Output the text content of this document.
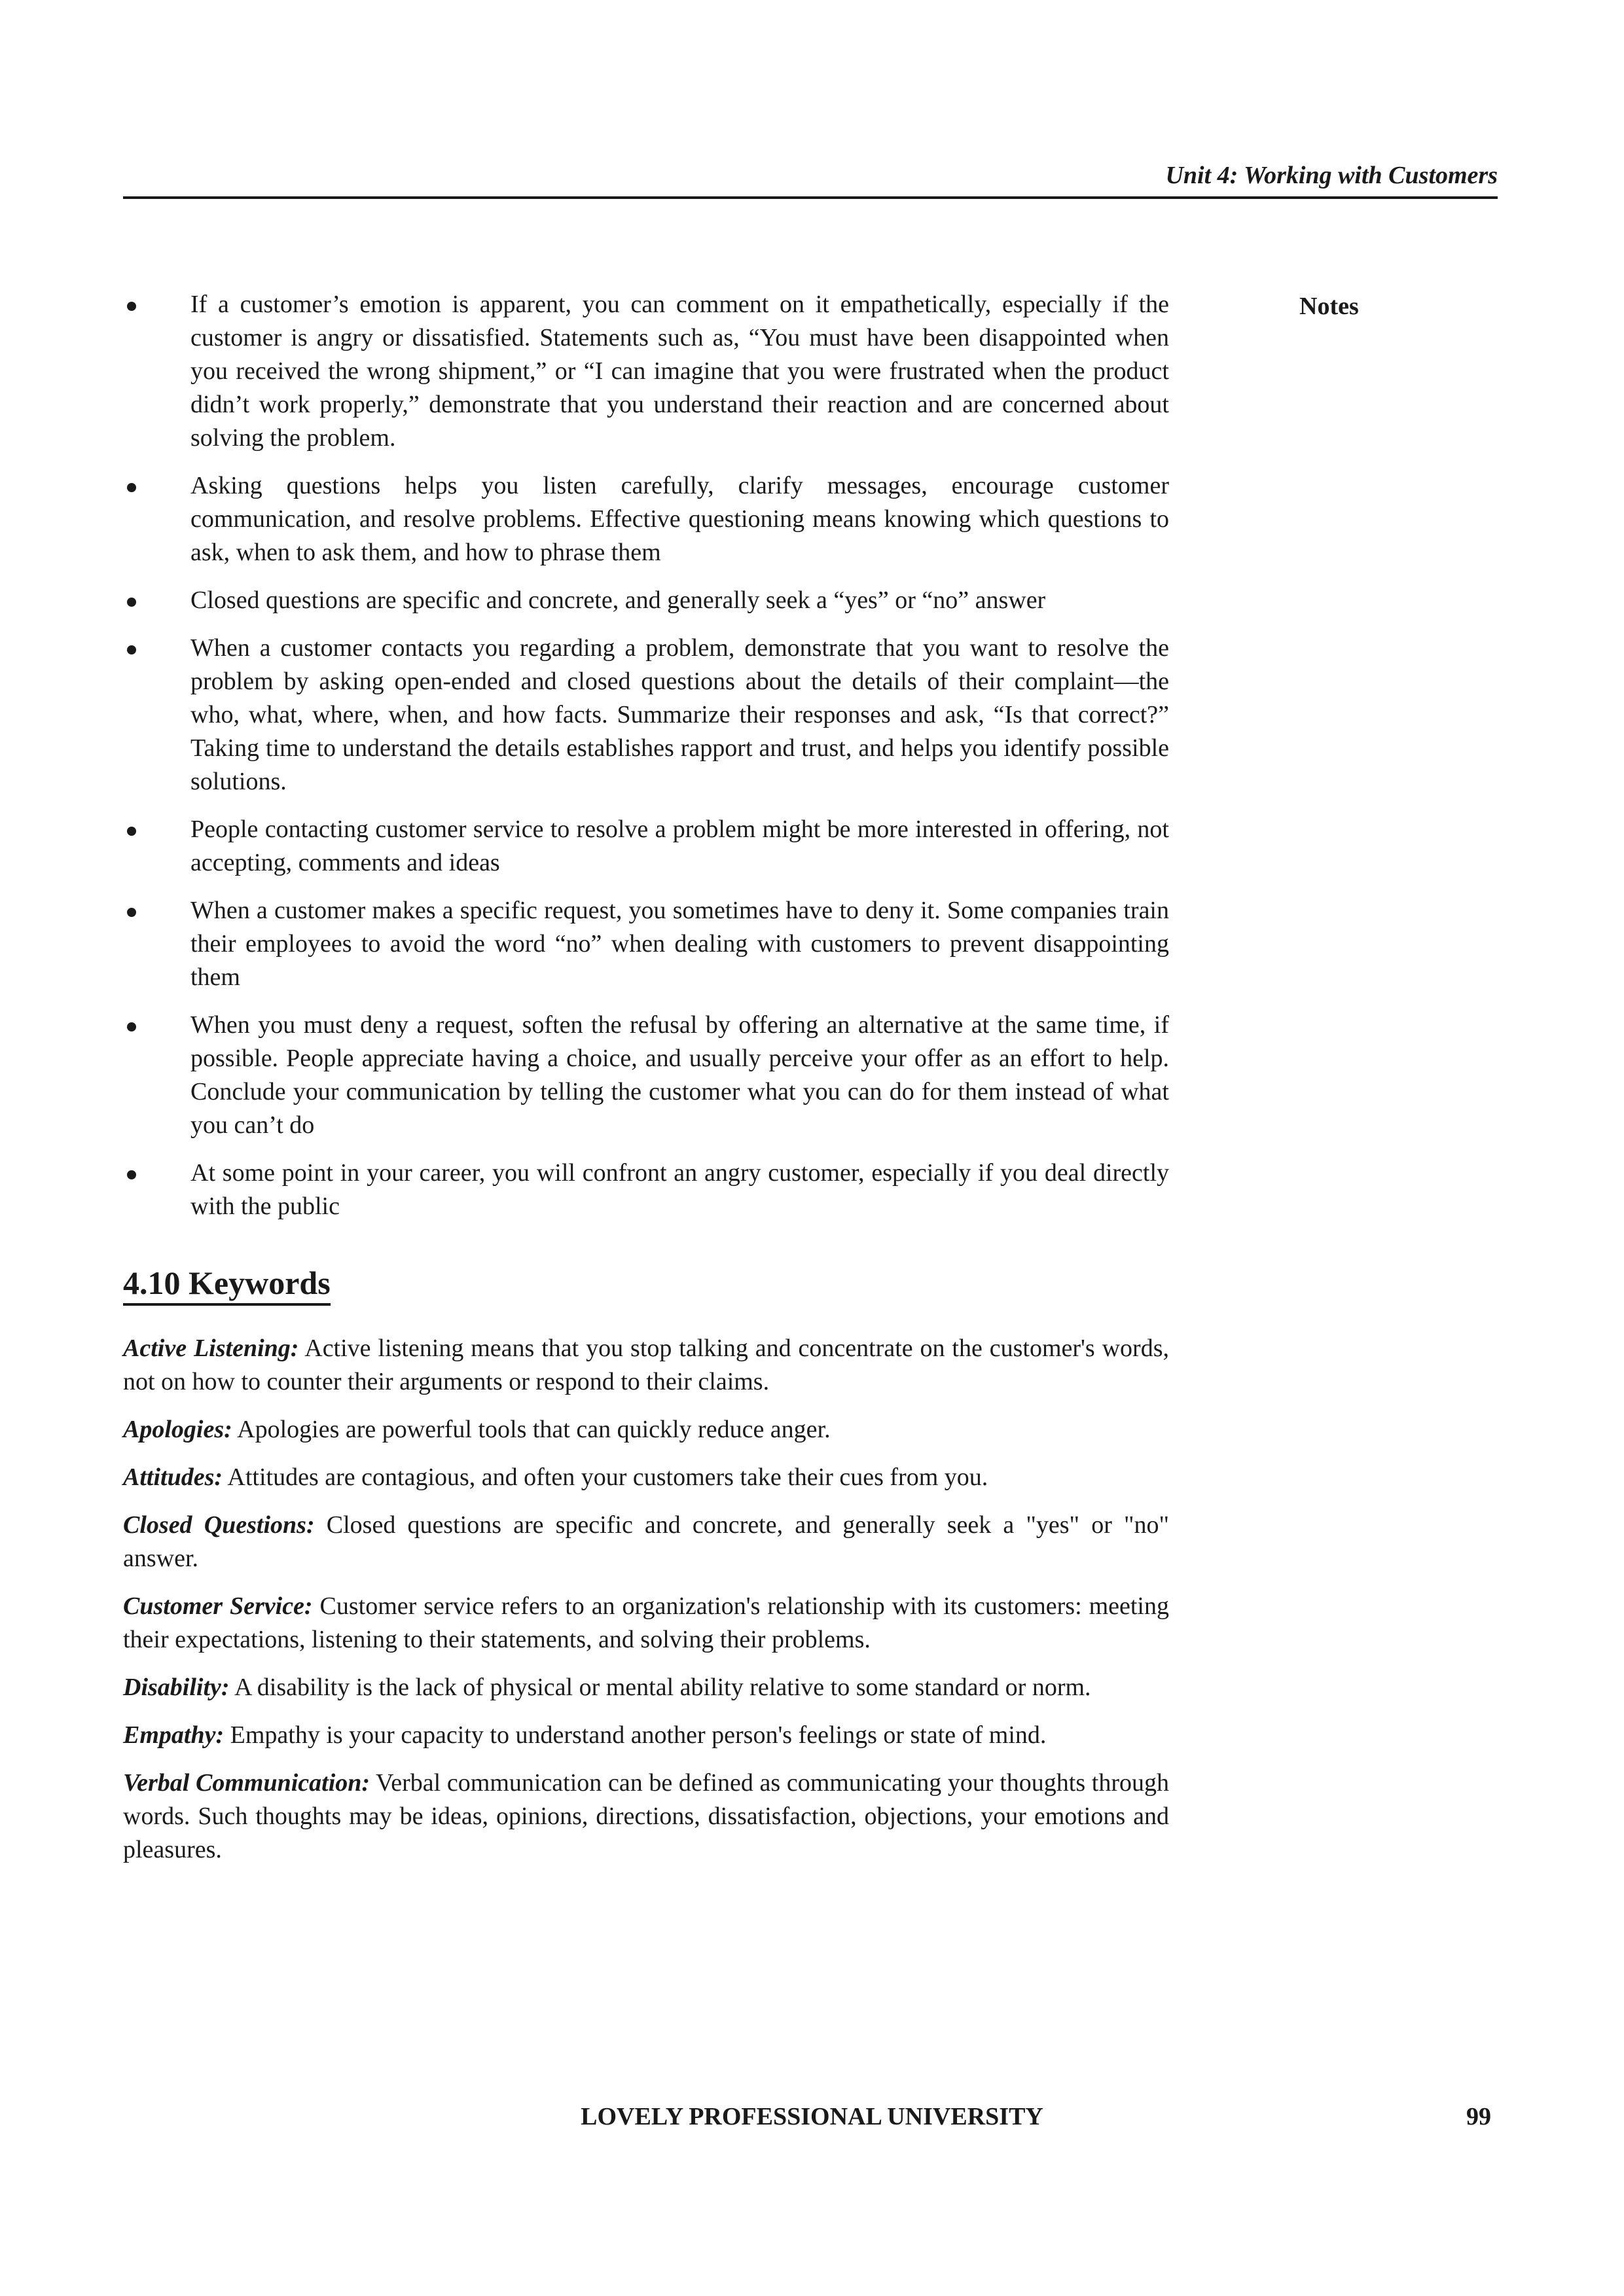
Unit 4: Working with Customers
Notes
If a customer’s emotion is apparent, you can comment on it empathetically, especially if the customer is angry or dissatisfied. Statements such as, “You must have been disappointed when you received the wrong shipment,” or “I can imagine that you were frustrated when the product didn’t work properly,” demonstrate that you understand their reaction and are concerned about solving the problem.
Asking questions helps you listen carefully, clarify messages, encourage customer communication, and resolve problems. Effective questioning means knowing which questions to ask, when to ask them, and how to phrase them
Closed questions are specific and concrete, and generally seek a “yes” or “no” answer
When a customer contacts you regarding a problem, demonstrate that you want to resolve the problem by asking open-ended and closed questions about the details of their complaint—the who, what, where, when, and how facts. Summarize their responses and ask, “Is that correct?” Taking time to understand the details establishes rapport and trust, and helps you identify possible solutions.
People contacting customer service to resolve a problem might be more interested in offering, not accepting, comments and ideas
When a customer makes a specific request, you sometimes have to deny it. Some companies train their employees to avoid the word “no” when dealing with customers to prevent disappointing them
When you must deny a request, soften the refusal by offering an alternative at the same time, if possible. People appreciate having a choice, and usually perceive your offer as an effort to help. Conclude your communication by telling the customer what you can do for them instead of what you can’t do
At some point in your career, you will confront an angry customer, especially if you deal directly with the public
4.10 Keywords

Active Listening: Active listening means that you stop talking and concentrate on the customer's words, not on how to counter their arguments or respond to their claims.

Apologies: Apologies are powerful tools that can quickly reduce anger.

Attitudes: Attitudes are contagious, and often your customers take their cues from you.

Closed Questions: Closed questions are specific and concrete, and generally seek a "yes" or "no" answer.

Customer Service: Customer service refers to an organization's relationship with its customers: meeting their expectations, listening to their statements, and solving their problems.

Disability: A disability is the lack of physical or mental ability relative to some standard or norm.

Empathy: Empathy is your capacity to understand another person's feelings or state of mind.

Verbal Communication: Verbal communication can be defined as communicating your thoughts through words. Such thoughts may be ideas, opinions, directions, dissatisfaction, objections, your emotions and pleasures.

LOVELY PROFESSIONAL UNIVERSITY	99
